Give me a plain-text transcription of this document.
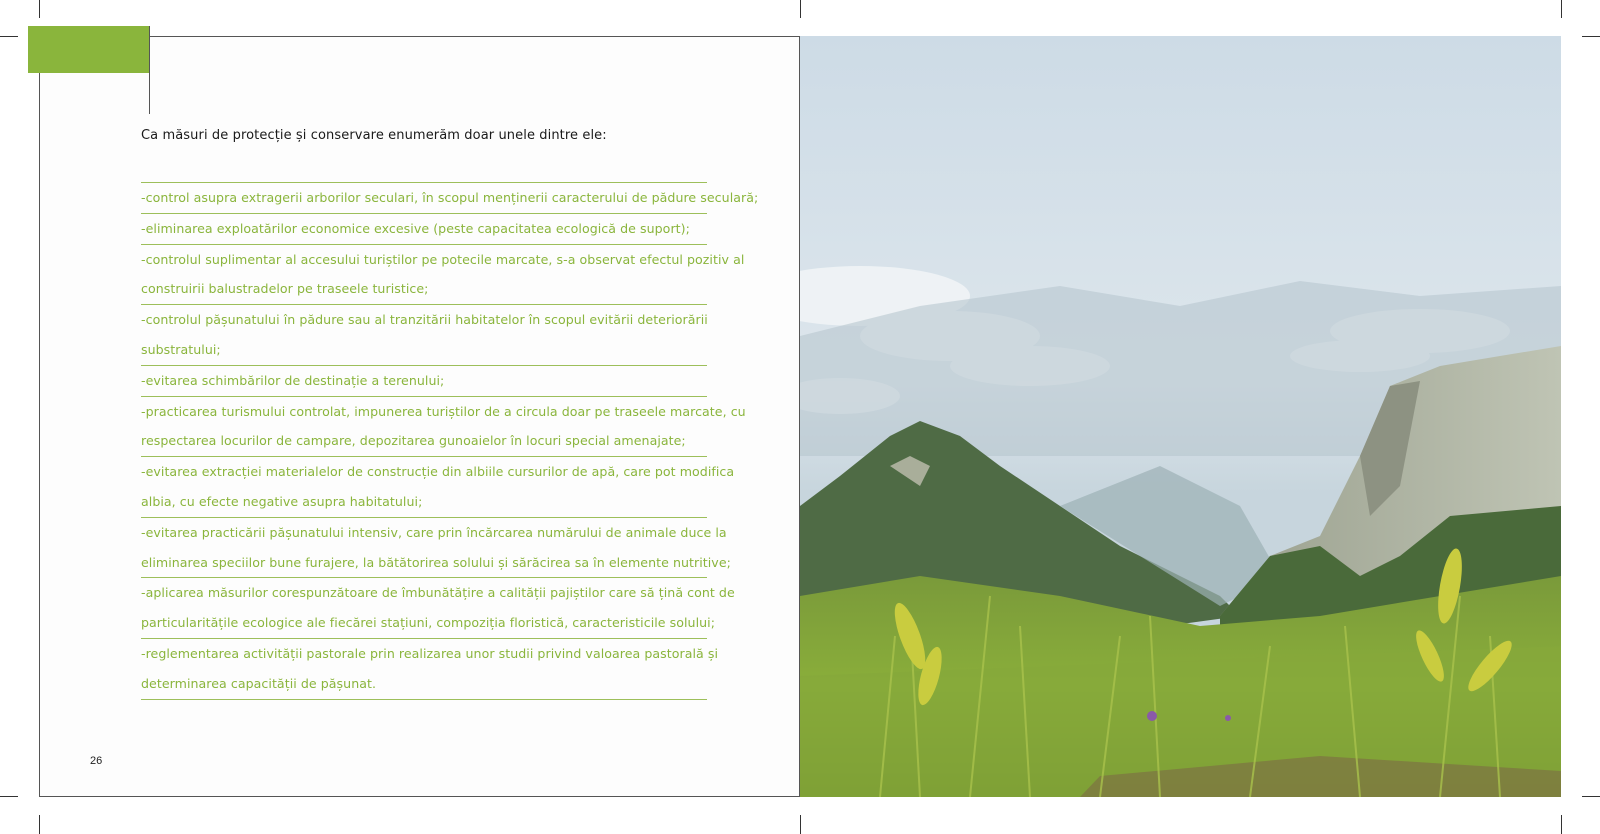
Ca măsuri de protecție și conservare enumerăm doar unele dintre ele:
-control asupra extragerii arborilor seculari, în scopul menținerii caracterului de pădure seculară;
-eliminarea exploatărilor economice excesive (peste capacitatea ecologică de suport);
-controlul suplimentar al accesului turiștilor pe potecile marcate, s-a observat efectul pozitiv al
construirii balustradelor pe traseele turistice;
-controlul pășunatului în pădure sau al tranzitării habitatelor în scopul evitării deteriorării
substratului;
-evitarea schimbărilor de destinație a terenului;
-practicarea turismului controlat, impunerea turiștilor de a circula doar pe traseele marcate, cu
respectarea locurilor de campare, depozitarea gunoaielor în locuri special amenajate;
-evitarea extracției materialelor de construcție din albiile cursurilor de apă, care pot modifica
albia, cu efecte negative asupra habitatului;
-evitarea practicării pășunatului intensiv, care prin încărcarea numărului de animale duce la
eliminarea speciilor bune furajere, la bătătorirea solului și sărăcirea sa în elemente nutritive;
-aplicarea măsurilor corespunzătoare de îmbunătățire a calității pajiștilor care să țină cont de
particularitățile ecologice ale fiecărei stațiuni, compoziția floristică, caracteristicile solului;
-reglementarea activității pastorale prin realizarea unor studii privind valoarea pastorală și
determinarea capacității de pășunat.
26
